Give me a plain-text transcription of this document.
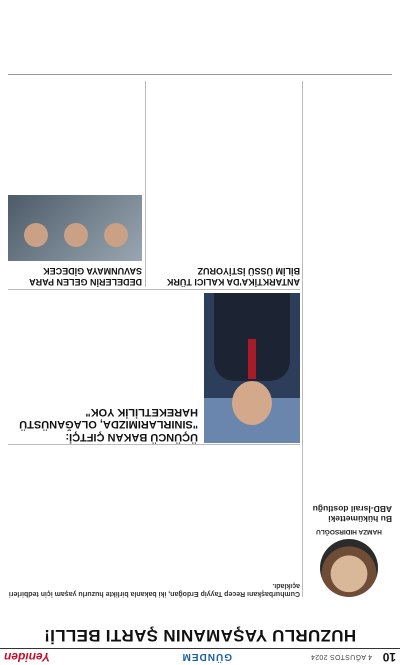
10
4 AĞUSTOS 2024
GÜNDEM
Yeniden
HUZURLU YAŞAMANIN ŞARTI BELLİ!
HAMZA HIDIRSOĞLU
Bu hükümetteki ABD-İsrail dostluğu

Cumhurbaşkanı Recep Tayyip Erdoğan, iki bakanla birlikte huzurlu yaşam için tedbirleri açıkladı.

ÜÇÜNCÜ BAKAN ÇIFTÇİ: "SINIRLARIMIZDA, OLAĞANÜSTÜ HAREKETLİLİK YOK"
ANTARKTİKA'DA KALICI TÜRK BİLİM ÜSSÜ İSTİYORUZ
DEDELERİN GELEN PARA SAVUNMAYA GİDECEK
